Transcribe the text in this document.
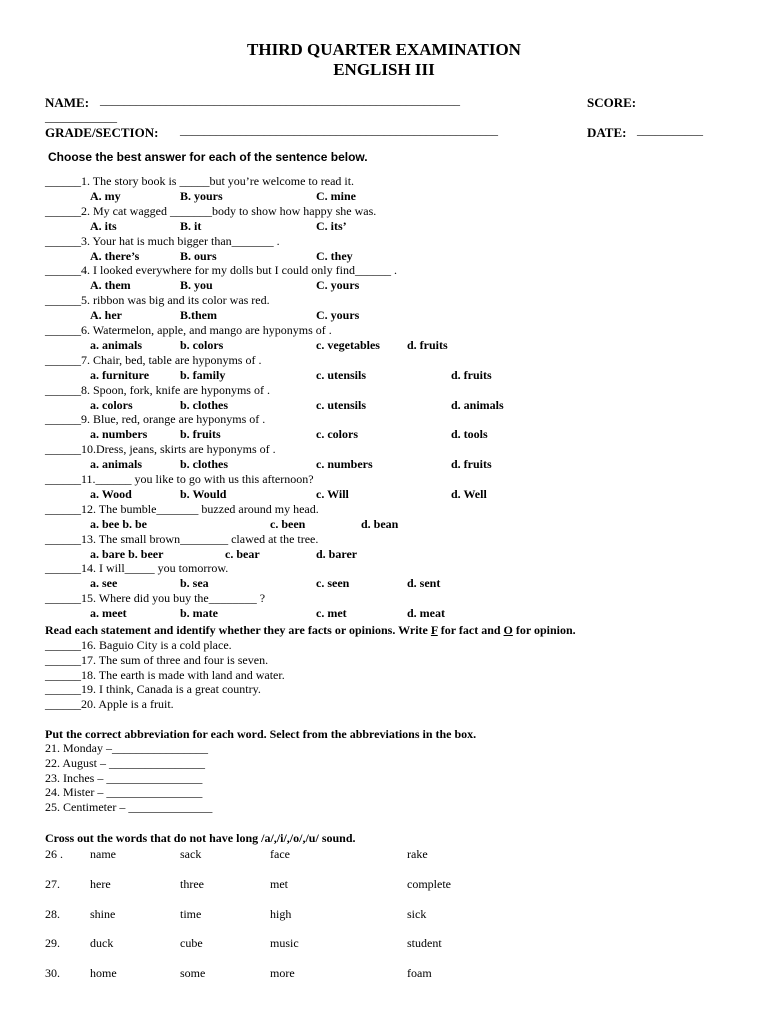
THIRD QUARTER EXAMINATION
ENGLISH III
NAME: ____________________________________________________________	SCORE:
____________
GRADE/SECTION: _____________________________________________________	DATE: ___________
Choose the best answer for each of the sentence below.
______1. The story book is _____but you’re welcome to read it.
A. my	B. yours	C. mine
______2. My cat wagged _______body to show how happy she was.
A. its	B. it	C. its’
______3. Your hat is much bigger than_______ .
A. there’s	B. ours	C. they
______4. I looked everywhere for my dolls but I could only find______ .
A. them	B. you	C. yours
______5. ribbon was big and its color was red.
A. her	B.them	C. yours
______6. Watermelon, apple, and mango are hyponyms of .
a. animals	b. colors	c. vegetables d. fruits
______7. Chair, bed, table are hyponyms of .
a. furniture	b. family	c. utensils	d. fruits
______8. Spoon, fork, knife are hyponyms of .
a. colors	b. clothes	c. utensils	d. animals
______9. Blue, red, orange are hyponyms of .
a. numbers	b. fruits	c. colors	d. tools
______10.Dress, jeans, skirts are hyponyms of .
a. animals	b. clothes	c. numbers	d. fruits
______11.______ you like to go with us this afternoon?
a. Wood	b. Would	c. Will	d. Well
______12. The bumble_______ buzzed around my head.
a. bee b. be	c. been	d. bean
______13. The small brown________ clawed at the tree.
a. bare b. beer	c. bear	d. barer
______14. I will_____ you tomorrow.
a. see	b. sea	c. seen	d. sent
______15. Where did you buy the________ ?
a. meet	b. mate	c. met	d. meat
Read each statement and identify whether they are facts or opinions. Write F for fact and O for opinion.
______16. Baguio City is a cold place.
______17. The sum of three and four is seven.
______18. The earth is made with land and water.
______19. I think, Canada is a great country.
______20. Apple is a fruit.
Put the correct abbreviation for each word. Select from the abbreviations in the box.
21. Monday –________________
22. August – ________________
23. Inches – ________________
24. Mister – ________________
25. Centimeter – ______________
Cross out the words that do not have long /a/,/i/,/o/,/u/ sound.
26 . name	sack	face	rake
27.	here	three	met	complete
28.	shine	time	high	sick
29.	duck	cube	music	student
30.	home	some	more	foam
